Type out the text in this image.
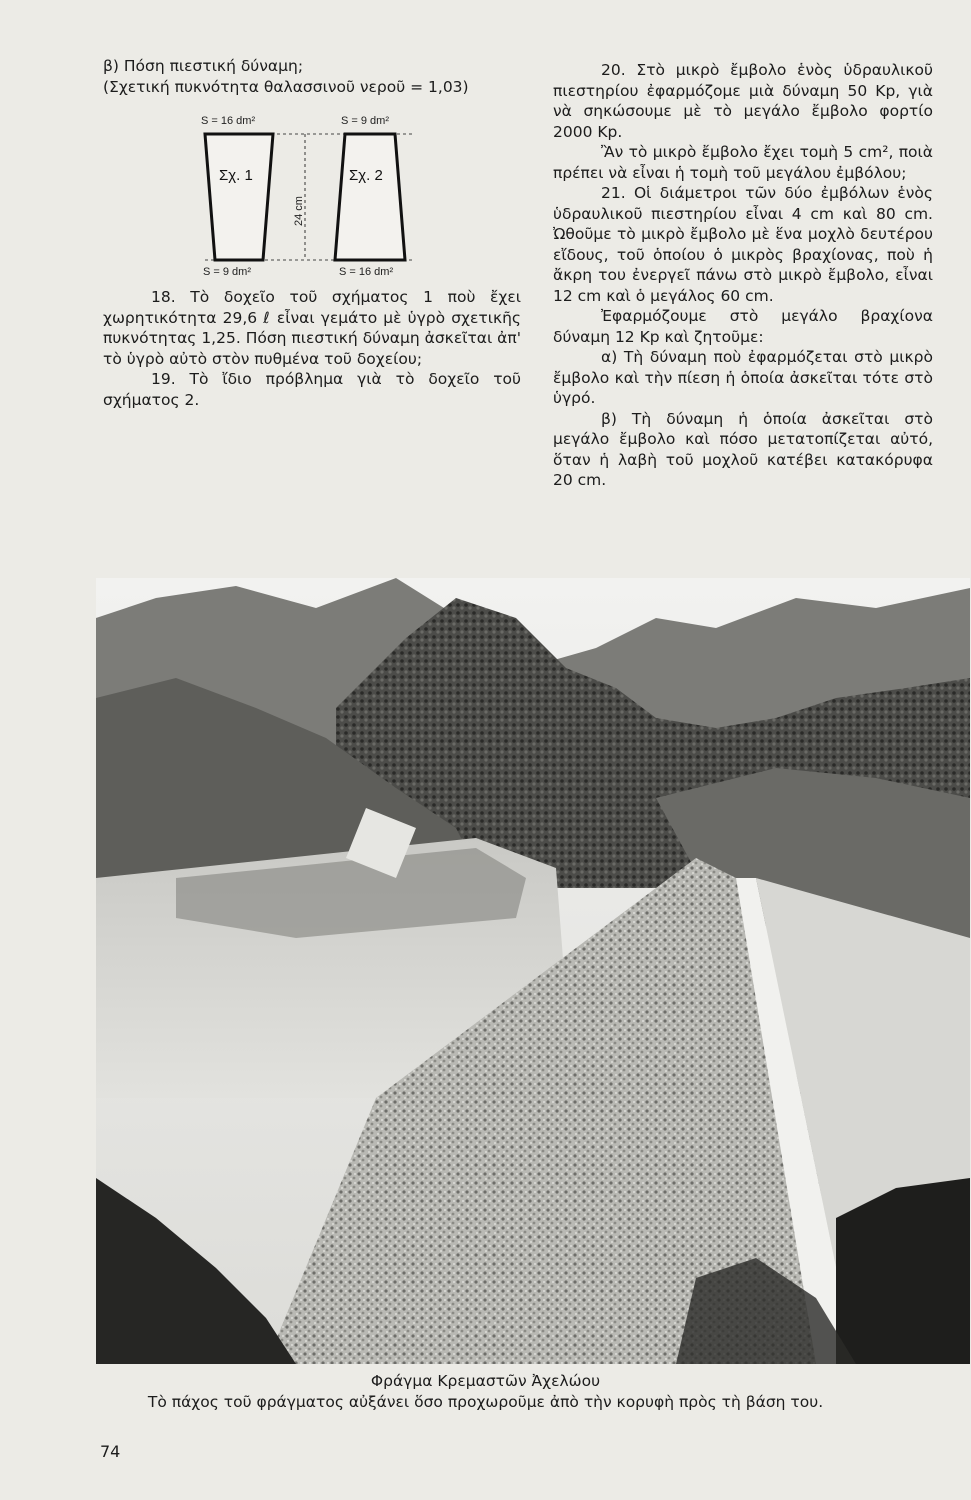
β) Πόση πιεστική δύναμη;

(Σχετική πυκνότητα θαλασσινοῦ νεροῦ = 1,03)

S = 16 dm²	S = 9 dm²
24 cm
Σχ. 1	Σχ. 2
S = 9 dm²	S = 16 dm²

18. Τὸ δοχεῖο τοῦ σχήματος 1 ποὺ ἔχει χωρητικότητα 29,6 ℓ εἶναι γεμάτο μὲ ὑγρὸ σχετικῆς πυκνότητας 1,25. Πόση πιεστική δύναμη ἀσκεῖται ἀπ' τὸ ὑγρὸ αὐτὸ στὸν πυθμένα τοῦ δοχείου;

19. Τὸ ἴδιο πρόβλημα γιὰ τὸ δοχεῖο τοῦ σχήματος 2.

20. Στὸ μικρὸ ἔμβολο ἑνὸς ὑδραυλικοῦ πιεστηρίου ἐφαρμόζομε μιὰ δύναμη 50 Kp, γιὰ νὰ σηκώσουμε μὲ τὸ μεγάλο ἔμβολο φορτίο 2000 Kp.

Ἂν τὸ μικρὸ ἔμβολο ἔχει τομὴ 5 cm², ποιὰ πρέπει νὰ εἶναι ἡ τομὴ τοῦ μεγάλου ἐμβόλου;

21. Οἱ διάμετροι τῶν δύο ἐμβόλων ἑνὸς ὑδραυλικοῦ πιεστηρίου εἶναι 4 cm καὶ 80 cm. Ὠθοῦμε τὸ μικρὸ ἔμβολο μὲ ἕνα μοχλὸ δευτέρου εἴδους, τοῦ ὁποίου ὁ μικρὸς βραχίονας, ποὺ ἡ ἄκρη του ἐνεργεῖ πάνω στὸ μικρὸ ἔμβολο, εἶναι 12 cm καὶ ὁ μεγάλος 60 cm.

Ἐφαρμόζουμε στὸ μεγάλο βραχίονα δύναμη 12 Kp καὶ ζητοῦμε:

α) Τὴ δύναμη ποὺ ἐφαρμόζεται στὸ μικρὸ ἔμβολο καὶ τὴν πίεση ἡ ὁποία ἀσκεῖται τότε στὸ ὑγρό.

β) Τὴ δύναμη ἡ ὁποία ἀσκεῖται στὸ μεγάλο ἔμβολο καὶ πόσο μετατοπίζεται αὐτό, ὅταν ἡ λαβὴ τοῦ μοχλοῦ κατέβει κατακόρυφα 20 cm.

Φράγμα Κρεμαστῶν Ἀχελώου
Τὸ πάχος τοῦ φράγματος αὐξάνει ὅσο προχωροῦμε ἀπὸ τὴν κορυφὴ πρὸς τὴ βάση του.
74
